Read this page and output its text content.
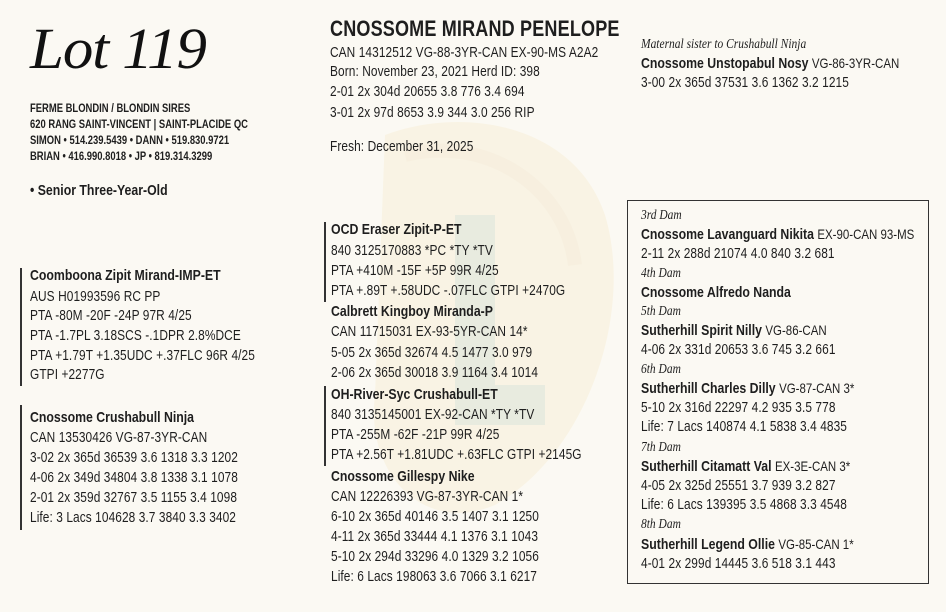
Lot 119
FERME BLONDIN / BLONDIN SIRES
620 RANG SAINT-VINCENT | SAINT-PLACIDE QC
SIMON • 514.239.5439 • DANN • 519.830.9721
BRIAN • 416.990.8018 • JP • 819.314.3299
• Senior Three-Year-Old
CNOSSOME MIRAND PENELOPE
CAN 14312512 VG-88-3YR-CAN EX-90-MS A2A2
Born: November 23, 2021 Herd ID: 398
2-01 2x 304d 20655 3.8 776 3.4 694
3-01 2x 97d 8653 3.9 344 3.0 256 RIP
Fresh: December 31, 2025
Maternal sister to Crushabull Ninja
Cnossome Unstopabul Nosy VG-86-3YR-CAN
3-00 2x 365d 37531 3.6 1362 3.2 1215
Coomboona Zipit Mirand-IMP-ET
AUS H01993596 RC PP
PTA -80M -20F -24P 97R 4/25
PTA -1.7PL 3.18SCS -.1DPR 2.8%DCE
PTA +1.79T +1.35UDC +.37FLC 96R 4/25
GTPI +2277G
Cnossome Crushabull Ninja
CAN 13530426 VG-87-3YR-CAN
3-02 2x 365d 36539 3.6 1318 3.3 1202
4-06 2x 349d 34804 3.8 1338 3.1 1078
2-01 2x 359d 32767 3.5 1155 3.4 1098
Life: 3 Lacs 104628 3.7 3840 3.3 3402
OCD Eraser Zipit-P-ET
840 3125170883 *PC *TY *TV
PTA +410M -15F +5P 99R 4/25
PTA +.89T +.58UDC -.07FLC GTPI +2470G
Calbrett Kingboy Miranda-P
CAN 11715031 EX-93-5YR-CAN 14*
5-05 2x 365d 32674 4.5 1477 3.0 979
2-06 2x 365d 30018 3.9 1164 3.4 1014
OH-River-Syc Crushabull-ET
840 3135145001 EX-92-CAN *TY *TV
PTA -255M -62F -21P 99R 4/25
PTA +2.56T +1.81UDC +.63FLC GTPI +2145G
Cnossome Gillespy Nike
CAN 12226393 VG-87-3YR-CAN 1*
6-10 2x 365d 40146 3.5 1407 3.1 1250
4-11 2x 365d 33444 4.1 1376 3.1 1043
5-10 2x 294d 33296 4.0 1329 3.2 1056
Life: 6 Lacs 198063 3.6 7066 3.1 6217
3rd Dam
Cnossome Lavanguard Nikita EX-90-CAN 93-MS
2-11 2x 288d 21074 4.0 840 3.2 681
4th Dam
Cnossome Alfredo Nanda
5th Dam
Sutherhill Spirit Nilly VG-86-CAN
4-06 2x 331d 20653 3.6 745 3.2 661
6th Dam
Sutherhill Charles Dilly VG-87-CAN 3*
5-10 2x 316d 22297 4.2 935 3.5 778
Life: 7 Lacs 140874 4.1 5838 3.4 4835
7th Dam
Sutherhill Citamatt Val EX-3E-CAN 3*
4-05 2x 325d 25551 3.7 939 3.2 827
Life: 6 Lacs 139395 3.5 4868 3.3 4548
8th Dam
Sutherhill Legend Ollie VG-85-CAN 1*
4-01 2x 299d 14445 3.6 518 3.1 443
